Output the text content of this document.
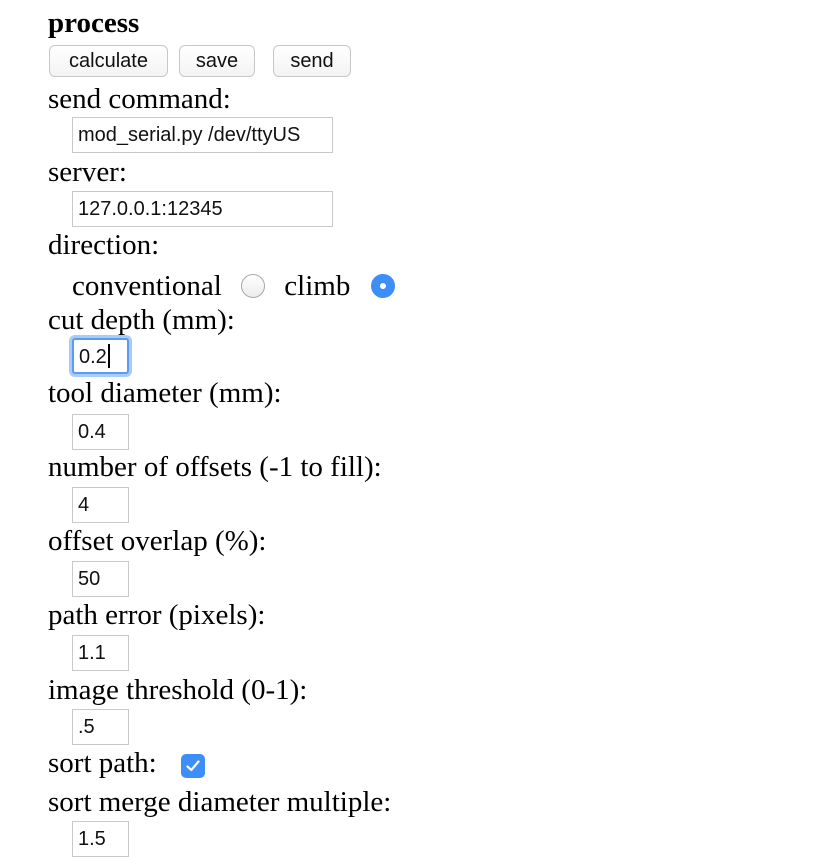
process
calculate	save	send
send command:
mod_serial.py /dev/ttyUS
server:
127.0.0.1:12345
direction:
conventional climb
cut depth (mm):
0.2
tool diameter (mm):
0.4
number of offsets (-1 to fill):
4
offset overlap (%):
50
path error (pixels):
1.1
image threshold (0-1):
.5
sort path:
sort merge diameter multiple:
1.5
